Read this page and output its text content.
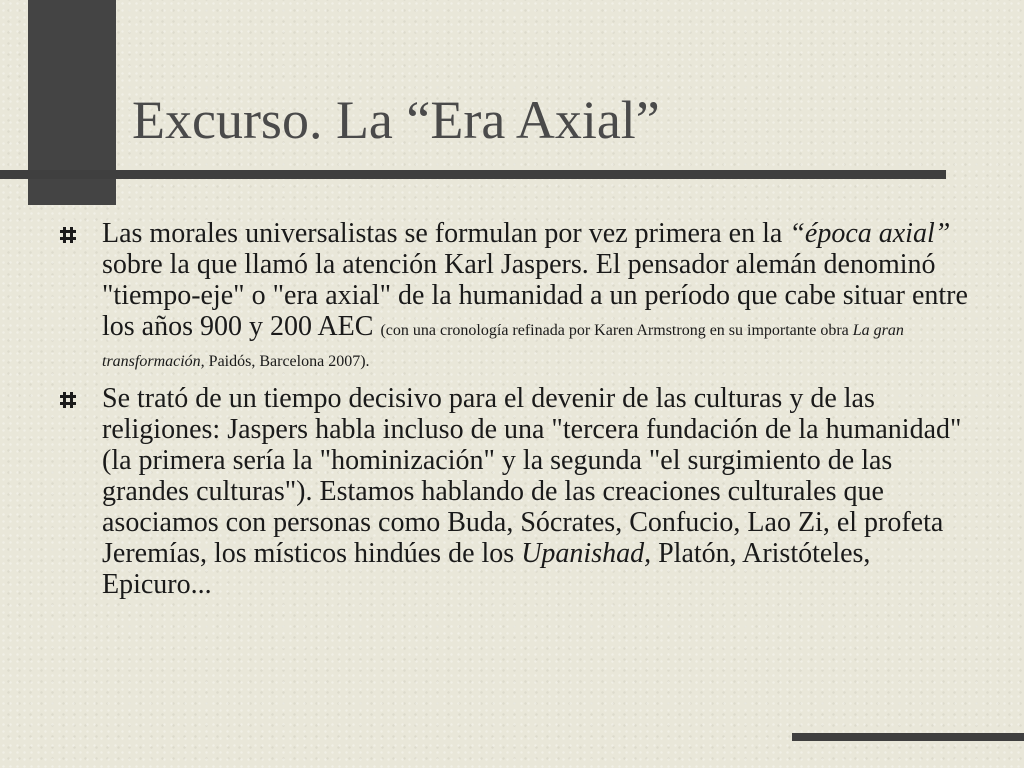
Excurso. La “Era Axial”
Las morales universalistas se formulan por vez primera en la “época axial” sobre la que llamó la atención Karl Jaspers. El pensador alemán denominó "tiempo-eje" o "era axial" de la humanidad a un período que cabe situar entre los años 900 y 200 AEC (con una cronología refinada por Karen Armstrong en su importante obra La gran transformación, Paidós, Barcelona 2007).
Se trató de un tiempo decisivo para el devenir de las culturas y de las religiones: Jaspers habla incluso de una "tercera fundación de la humanidad" (la primera sería la "hominización" y la segunda "el surgimiento de las grandes culturas"). Estamos hablando de las creaciones culturales que asociamos con personas como Buda, Sócrates, Confucio, Lao Zi, el profeta Jeremías, los místicos hindúes de los Upanishad, Platón, Aristóteles, Epicuro...
